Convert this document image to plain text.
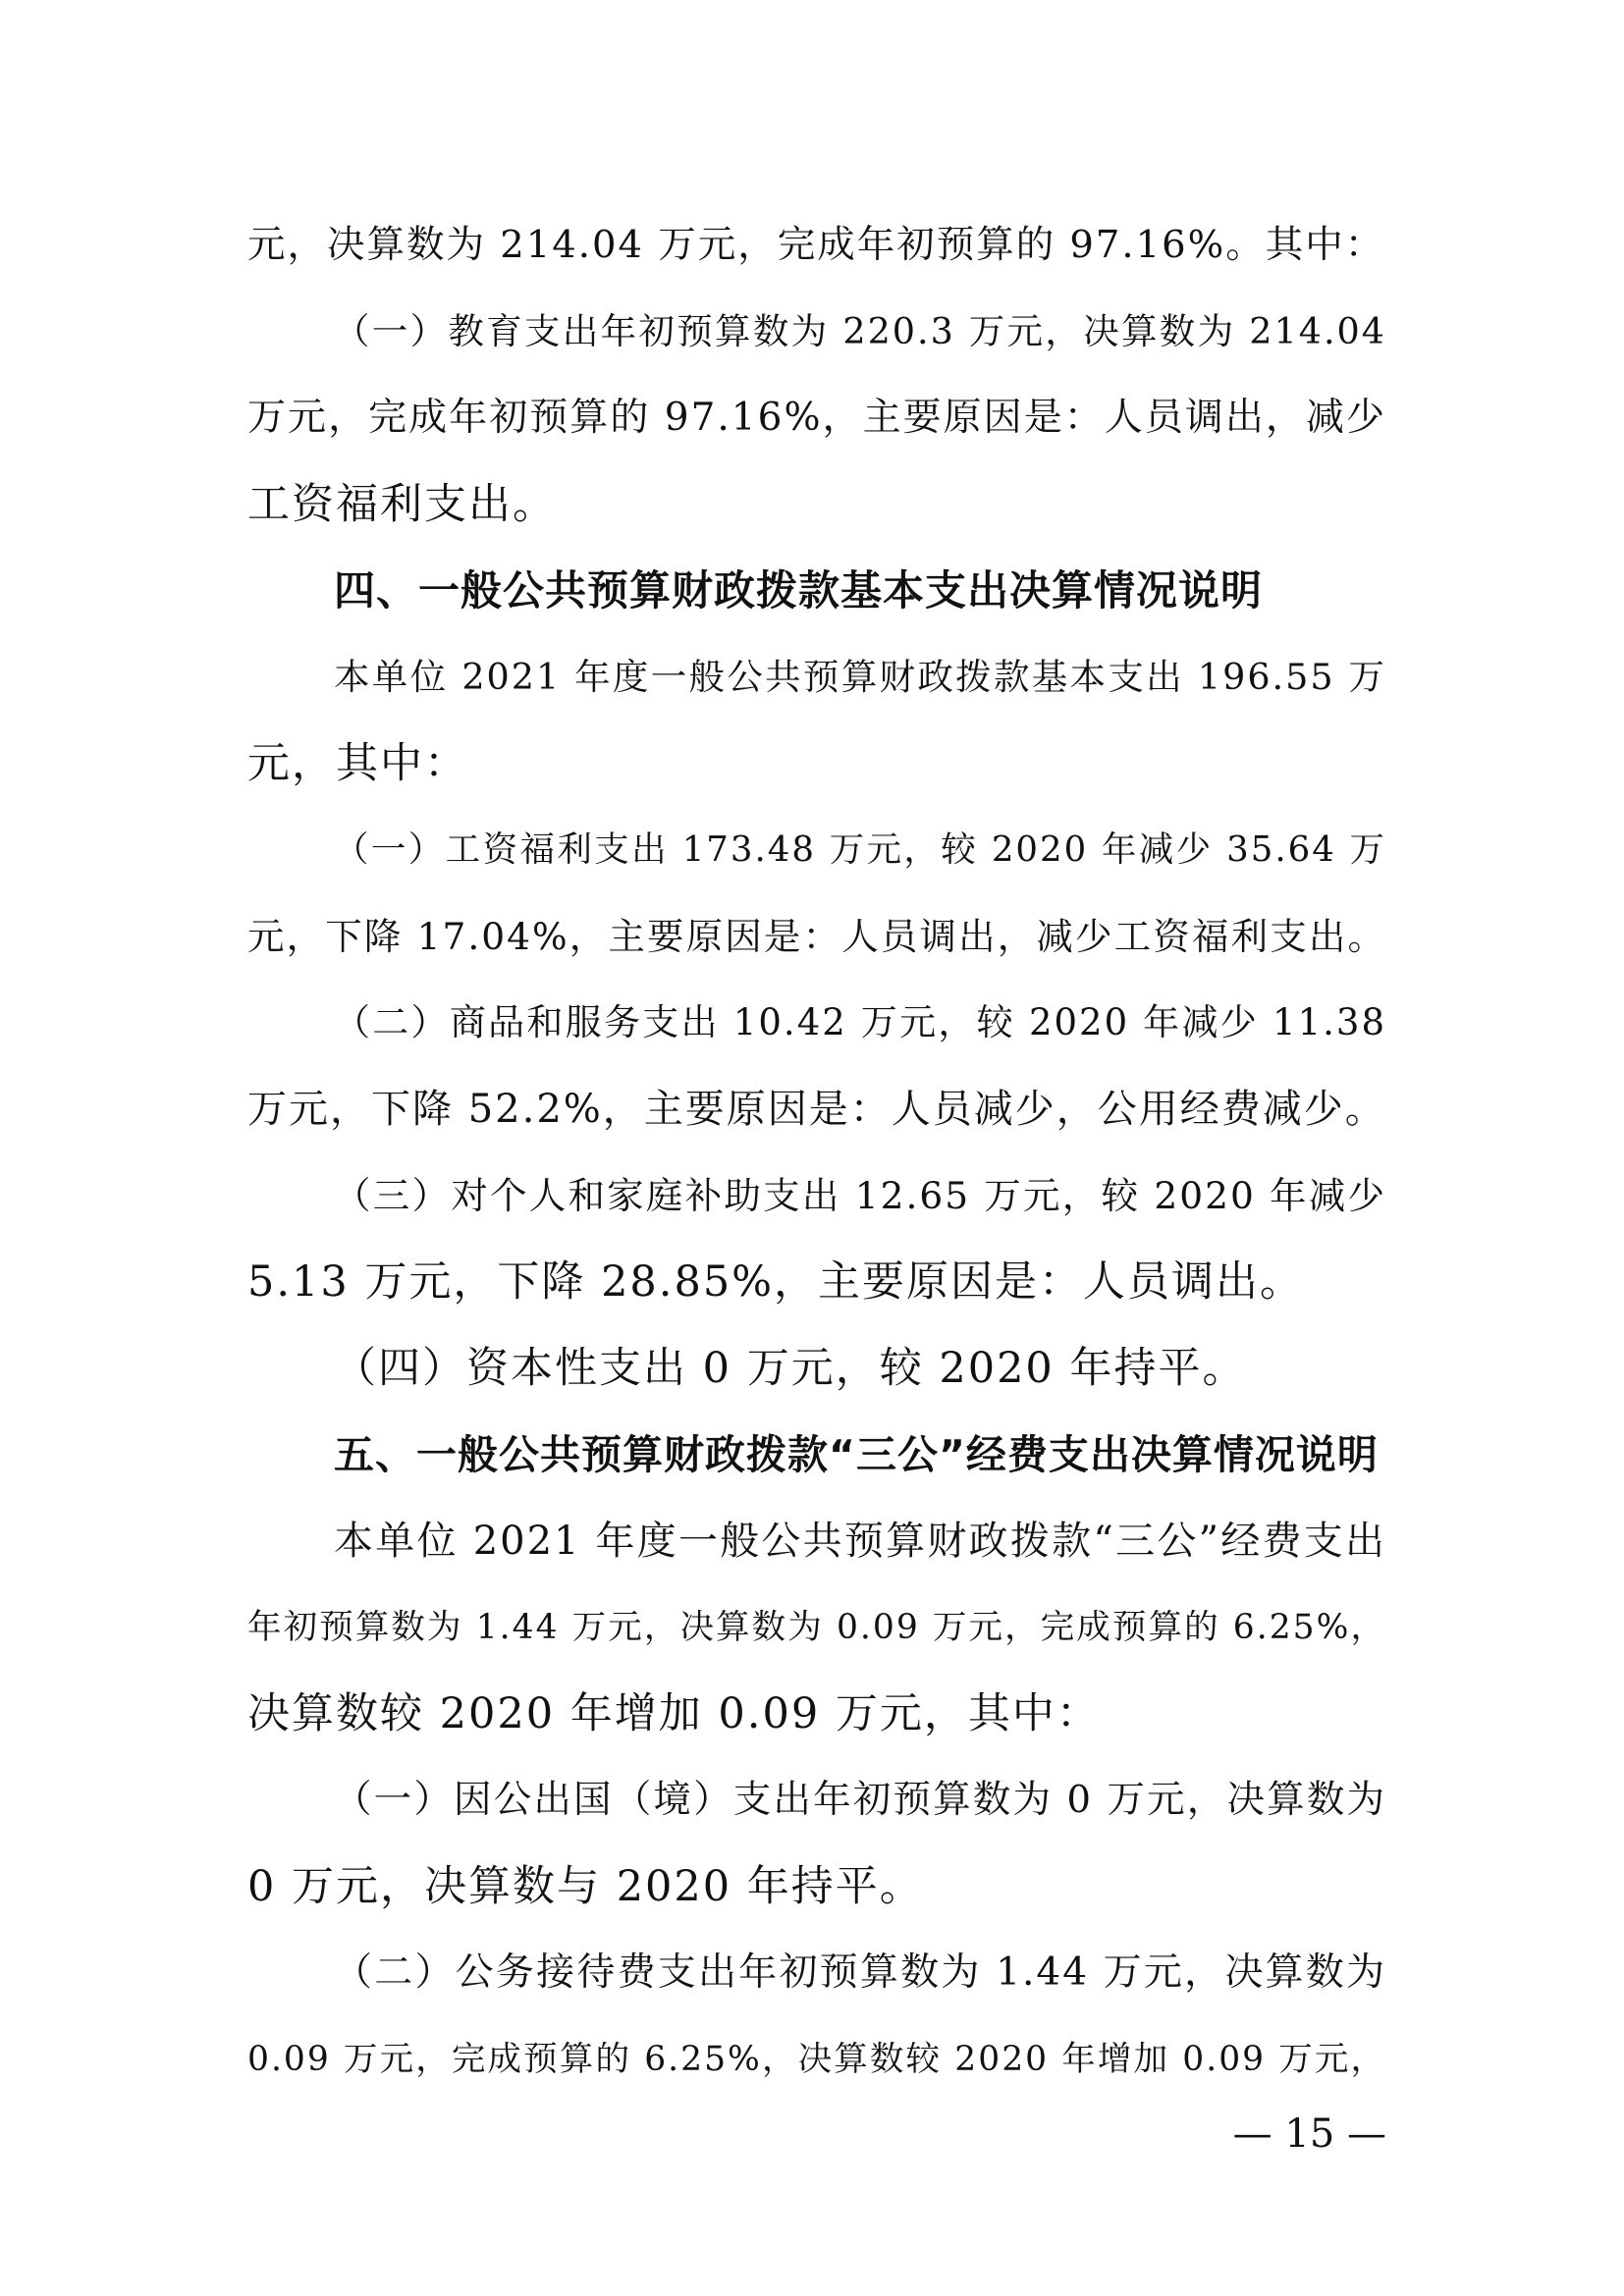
元，决算数为 214.04 万元，完成年初预算的 97.16%。其中：
（一）教育支出年初预算数为 220.3 万元，决算数为 214.04
万元，完成年初预算的 97.16%，主要原因是：人员调出，减少
工资福利支出。
四、一般公共预算财政拨款基本支出决算情况说明
本单位 2021 年度一般公共预算财政拨款基本支出 196.55 万
元，其中：
（一）工资福利支出 173.48 万元，较 2020 年减少 35.64 万
元，下降 17.04%，主要原因是：人员调出，减少工资福利支出。
（二）商品和服务支出 10.42 万元，较 2020 年减少 11.38
万元，下降 52.2%，主要原因是：人员减少，公用经费减少。
（三）对个人和家庭补助支出 12.65 万元，较 2020 年减少
5.13 万元，下降 28.85%，主要原因是：人员调出。
（四）资本性支出 0 万元，较 2020 年持平。
五、一般公共预算财政拨款“三公”经费支出决算情况说明
本单位 2021 年度一般公共预算财政拨款“三公”经费支出
年初预算数为 1.44 万元，决算数为 0.09 万元，完成预算的 6.25%，
决算数较 2020 年增加 0.09 万元，其中：
（一）因公出国（境）支出年初预算数为 0 万元，决算数为
0 万元，决算数与 2020 年持平。
（二）公务接待费支出年初预算数为 1.44 万元，决算数为
0.09 万元，完成预算的 6.25%，决算数较 2020 年增加 0.09 万元，
— 15 —
